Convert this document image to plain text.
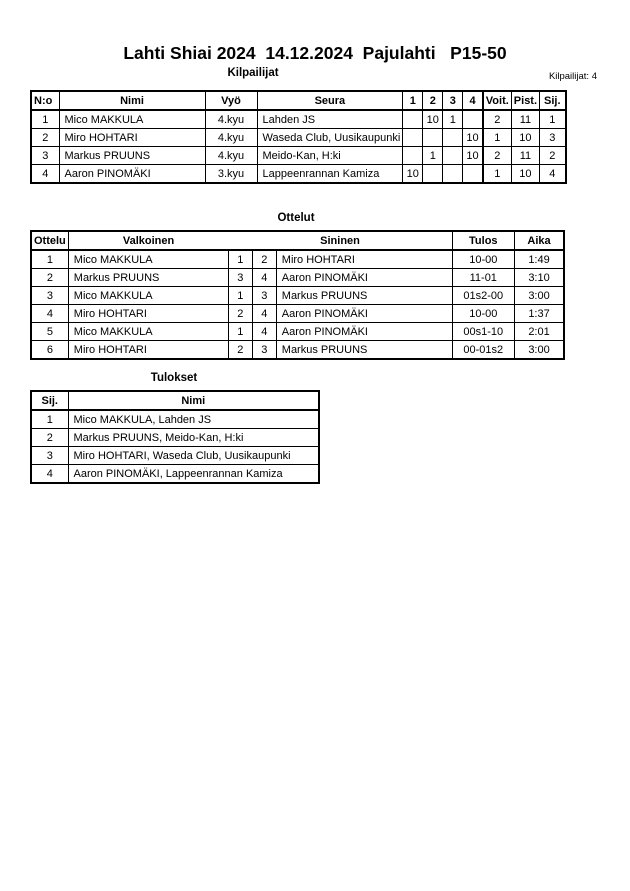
Lahti Shiai 2024  14.12.2024  Pajulahti   P15-50
Kilpailijat	Kilpailijat: 4
N:o	Nimi	Vyö	Seura	1	2	3	4	Voit.	Pist.	Sij.
1	Mico MAKKULA	4.kyu	Lahden JS		10	1		2	11	1
2	Miro HOHTARI	4.kyu	Waseda Club, Uusikaupunki				10	1	10	3
3	Markus PRUUNS	4.kyu	Meido-Kan, H:ki		1		10	2	11	2
4	Aaron PINOMÄKI	3.kyu	Lappeenrannan Kamiza	10				1	10	4
Ottelut
Ottelu	Valkoinen	Sininen			Tulos	Aika
1	Mico MAKKULA	1	2	Miro HOHTARI	10-00	1:49
2	Markus PRUUNS	3	4	Aaron PINOMÄKI	11-01	3:10
3	Mico MAKKULA	1	3	Markus PRUUNS	01s2-00	3:00
4	Miro HOHTARI	2	4	Aaron PINOMÄKI	10-00	1:37
5	Mico MAKKULA	1	4	Aaron PINOMÄKI	00s1-10	2:01
6	Miro HOHTARI	2	3	Markus PRUUNS	00-01s2	3:00
Tulokset
Sij.	Nimi
1	Mico MAKKULA, Lahden JS
2	Markus PRUUNS, Meido-Kan, H:ki
3	Miro HOHTARI, Waseda Club, Uusikaupunki
4	Aaron PINOMÄKI, Lappeenrannan Kamiza
